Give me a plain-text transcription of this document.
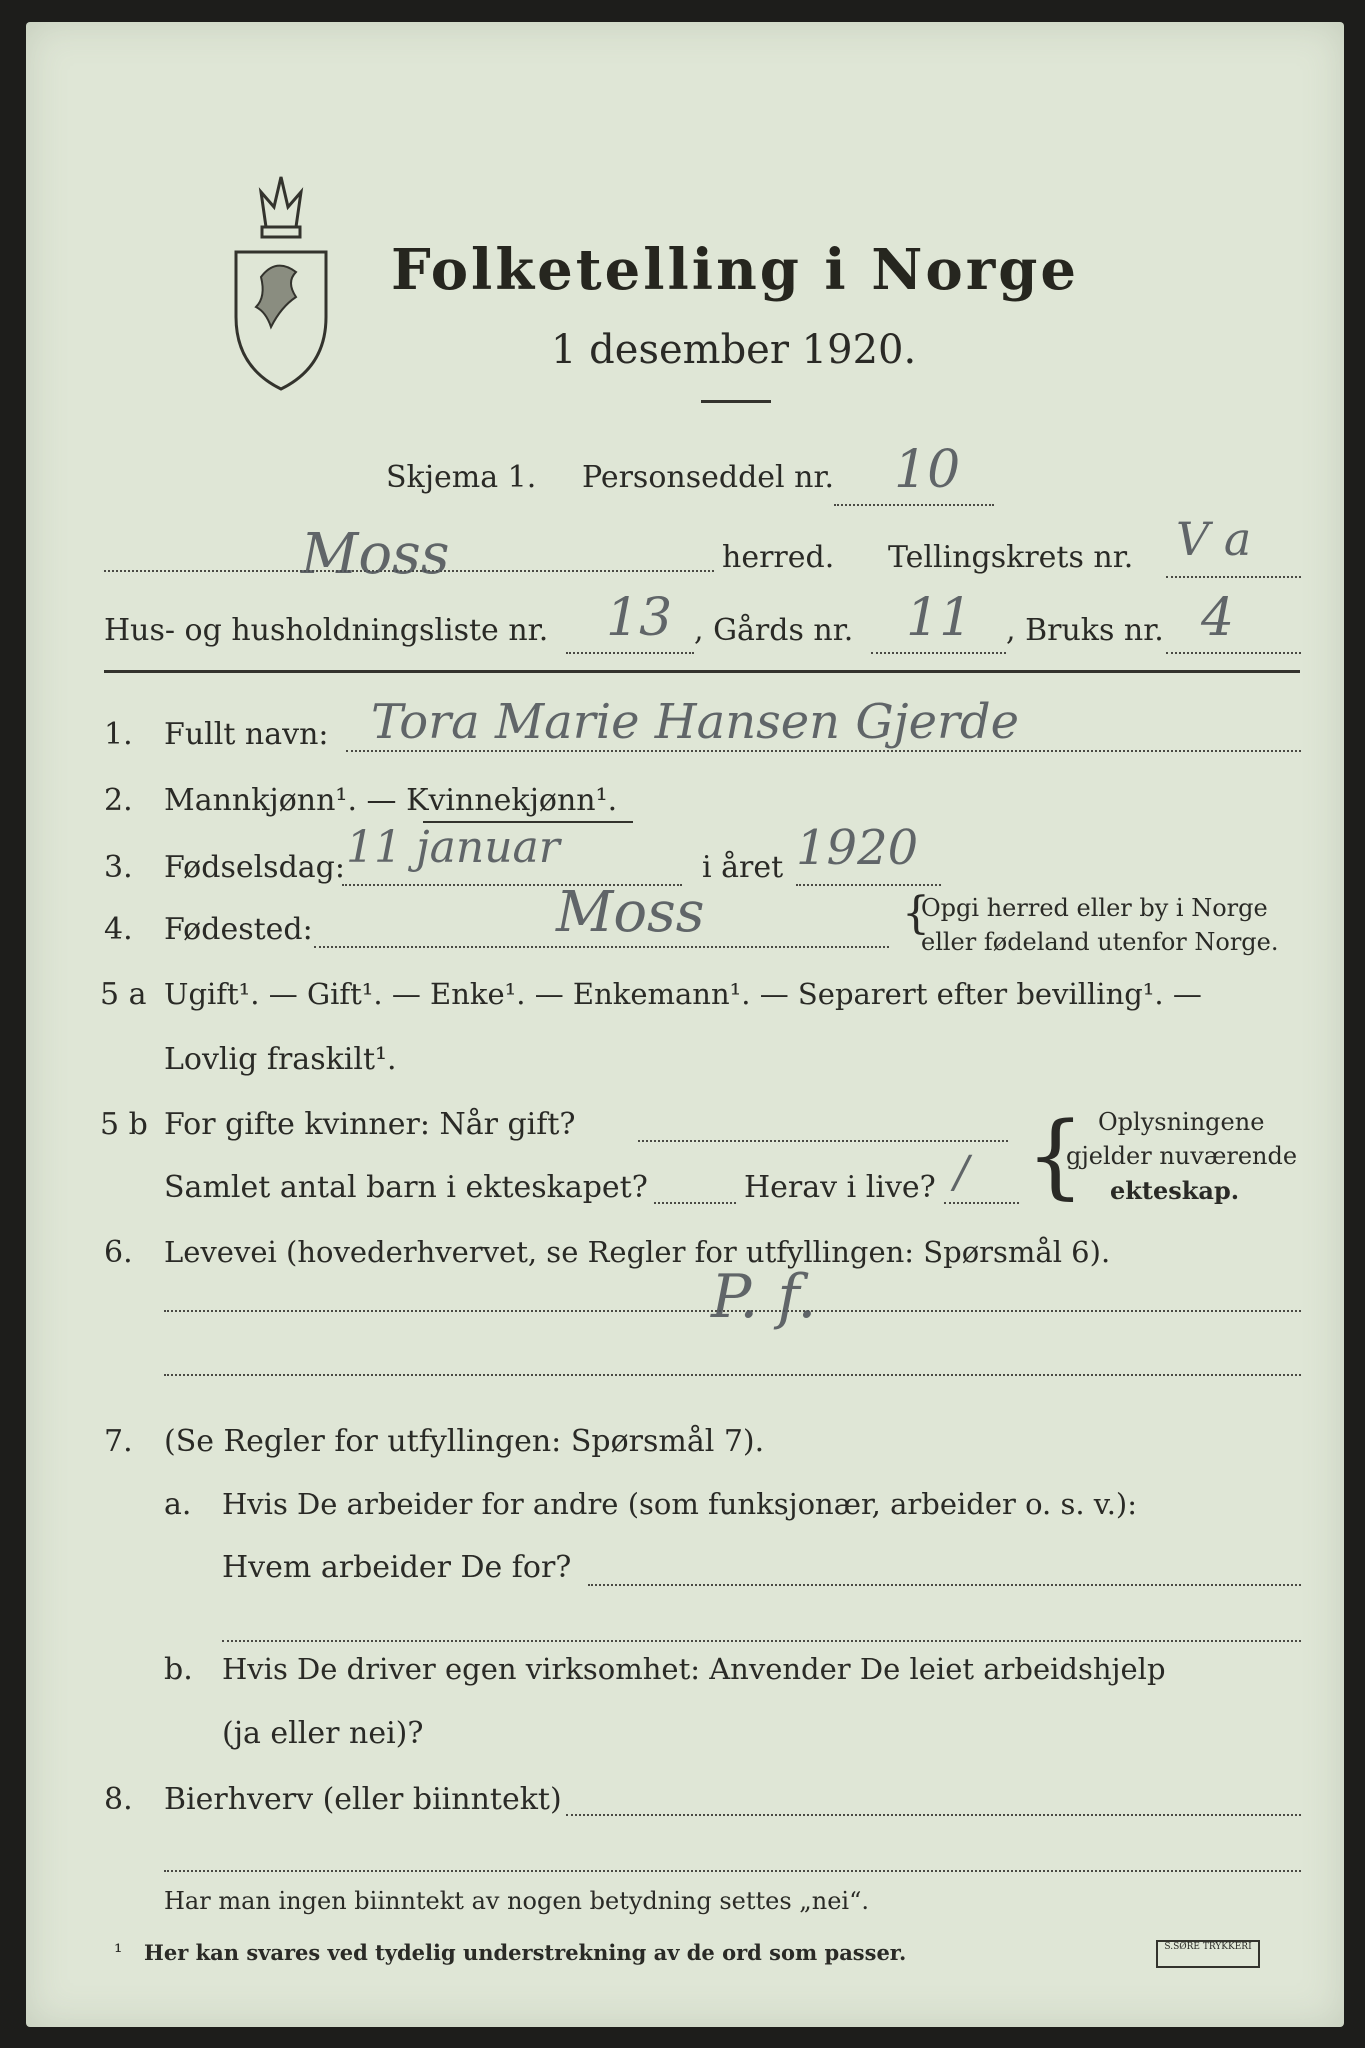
Folketelling i Norge
1 desember 1920.
Skjema 1. Personseddel nr. 10
Moss	herred. Tellingskrets nr. V a
Hus- og husholdningsliste nr. 13 , Gårds nr. 11 , Bruks nr. 4
1. Fullt navn: Tora Marie Hansen Gjerde
2. Mannkjønn¹. — Kvinnekjønn¹.
3. Fødselsdag: 11 januar	i året 1920
4. Fødested:	Moss	{
Opgi herred eller by i Norge
eller fødeland utenfor Norge.
5 a Ugift¹. — Gift¹. — Enke¹. — Enkemann¹. — Separert efter bevilling¹. —
Lovlig fraskilt¹.
5 b For gifte kvinner: Når gift?
Samlet antal barn i ekteskapet?	Herav i live? / { Oplysningene
gjelder nuværende
ekteskap.
6. Levevei (hovederhvervet, se Regler for utfyllingen: Spørsmål 6).
P. f.
7. (Se Regler for utfyllingen: Spørsmål 7).
a. Hvis De arbeider for andre (som funksjonær, arbeider o. s. v.):
Hvem arbeider De for?
b. Hvis De driver egen virksomhet: Anvender De leiet arbeidshjelp
(ja eller nei)?
8. Bierhverv (eller biinntekt)
Har man ingen biinntekt av nogen betydning settes „nei“.
¹ Her kan svares ved tydelig understrekning av de ord som passer.	S.SØRE TRYKKERI
